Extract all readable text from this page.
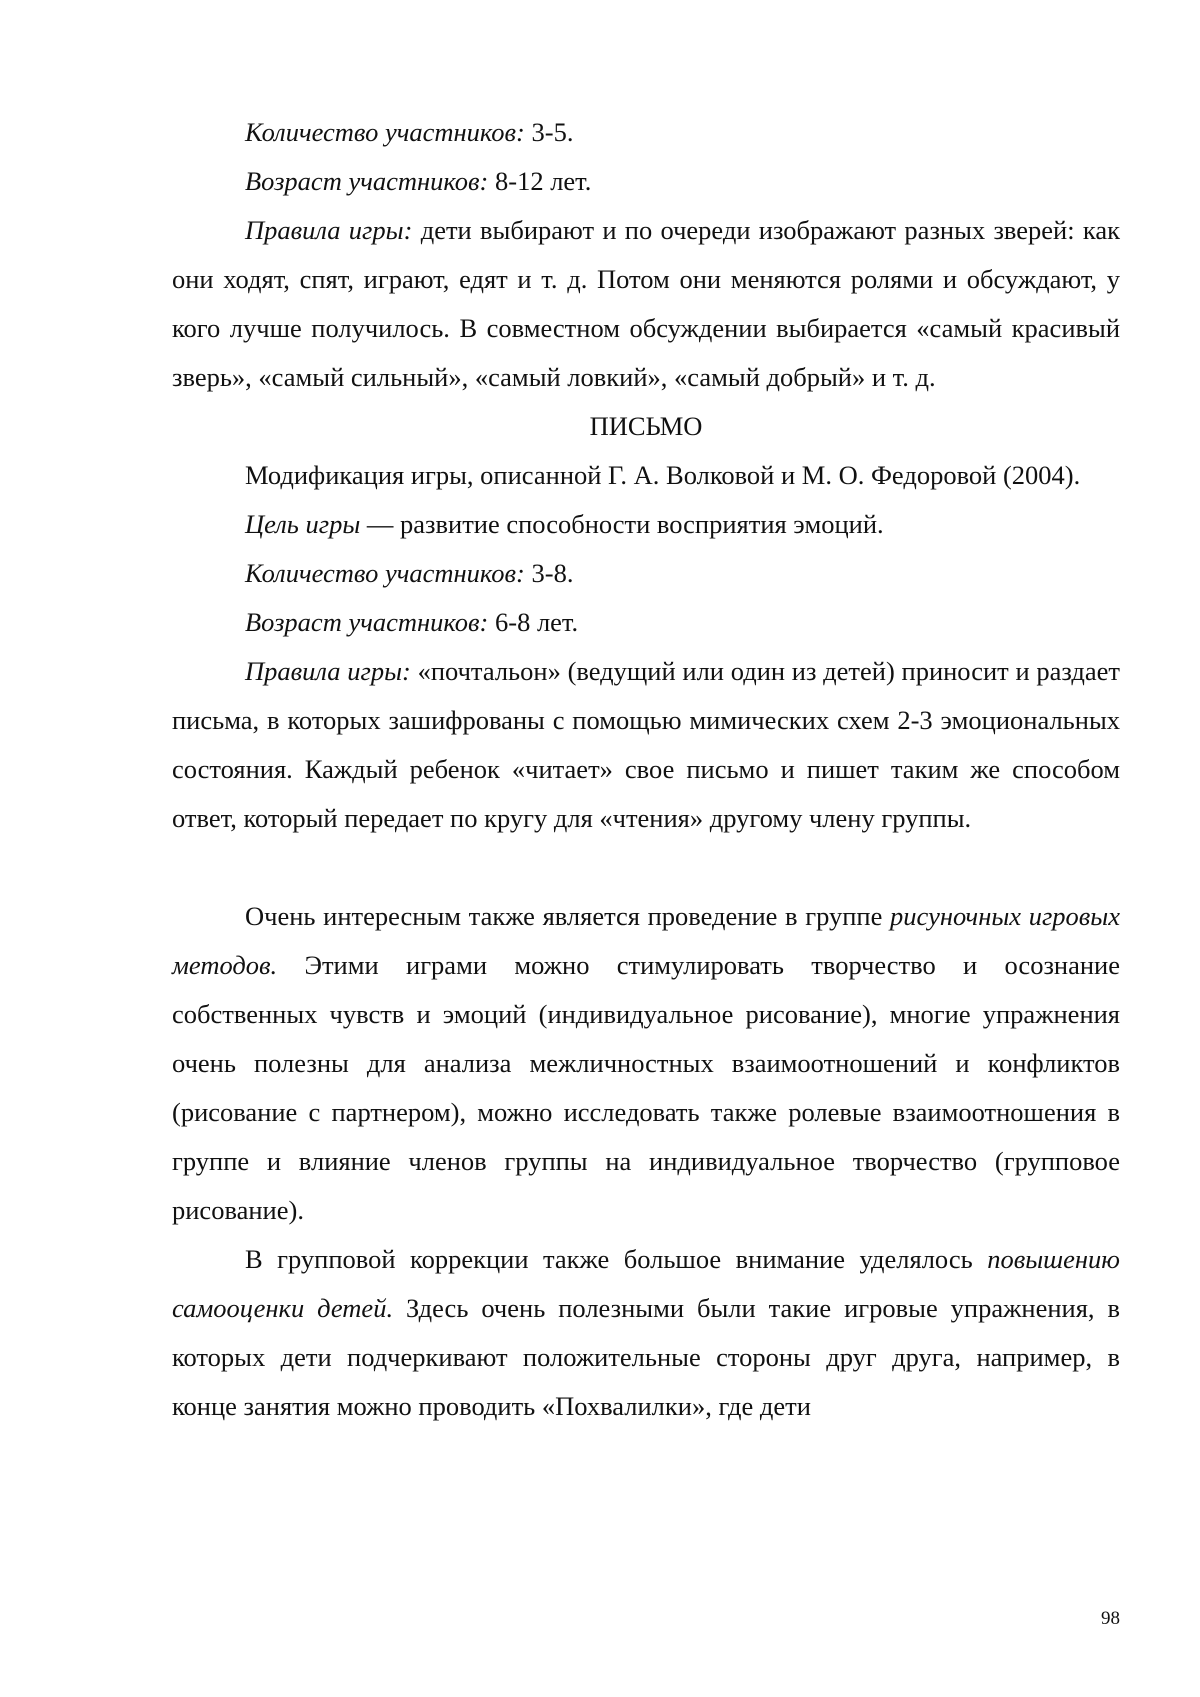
Количество участников: 3-5.

Возраст участников: 8-12 лет.

Правила игры: дети выбирают и по очереди изображают разных зверей: как они ходят, спят, играют, едят и т. д. Потом они меняются ролями и обсуждают, у кого лучше получилось. В совместном обсуждении выбирается «самый красивый зверь», «самый сильный», «самый ловкий», «самый добрый» и т. д.

ПИСЬМО

Модификация игры, описанной Г. А. Волковой и М. О. Федоровой (2004).

Цель игры — развитие способности восприятия эмоций.

Количество участников: 3-8.

Возраст участников: 6-8 лет.

Правила игры: «почтальон» (ведущий или один из детей) приносит и раздает письма, в которых зашифрованы с помощью мимических схем 2-3 эмоциональных состояния. Каждый ребенок «читает» свое письмо и пишет таким же способом ответ, который передает по кругу для «чтения» другому члену группы.

Очень интересным также является проведение в группе рисуночных игровых методов. Этими играми можно стимулировать творчество и осознание собственных чувств и эмоций (индивидуальное рисование), многие упражнения очень полезны для анализа межличностных взаимоотношений и конфликтов (рисование с партнером), можно исследовать также ролевые взаимоотношения в группе и влияние членов группы на индивидуальное творчество (групповое рисование).

В групповой коррекции также большое внимание уделялось повышению самооценки детей. Здесь очень полезными были такие игровые упражнения, в которых дети подчеркивают положительные стороны друг друга, например, в конце занятия можно проводить «Похвалилки», где дети

98
